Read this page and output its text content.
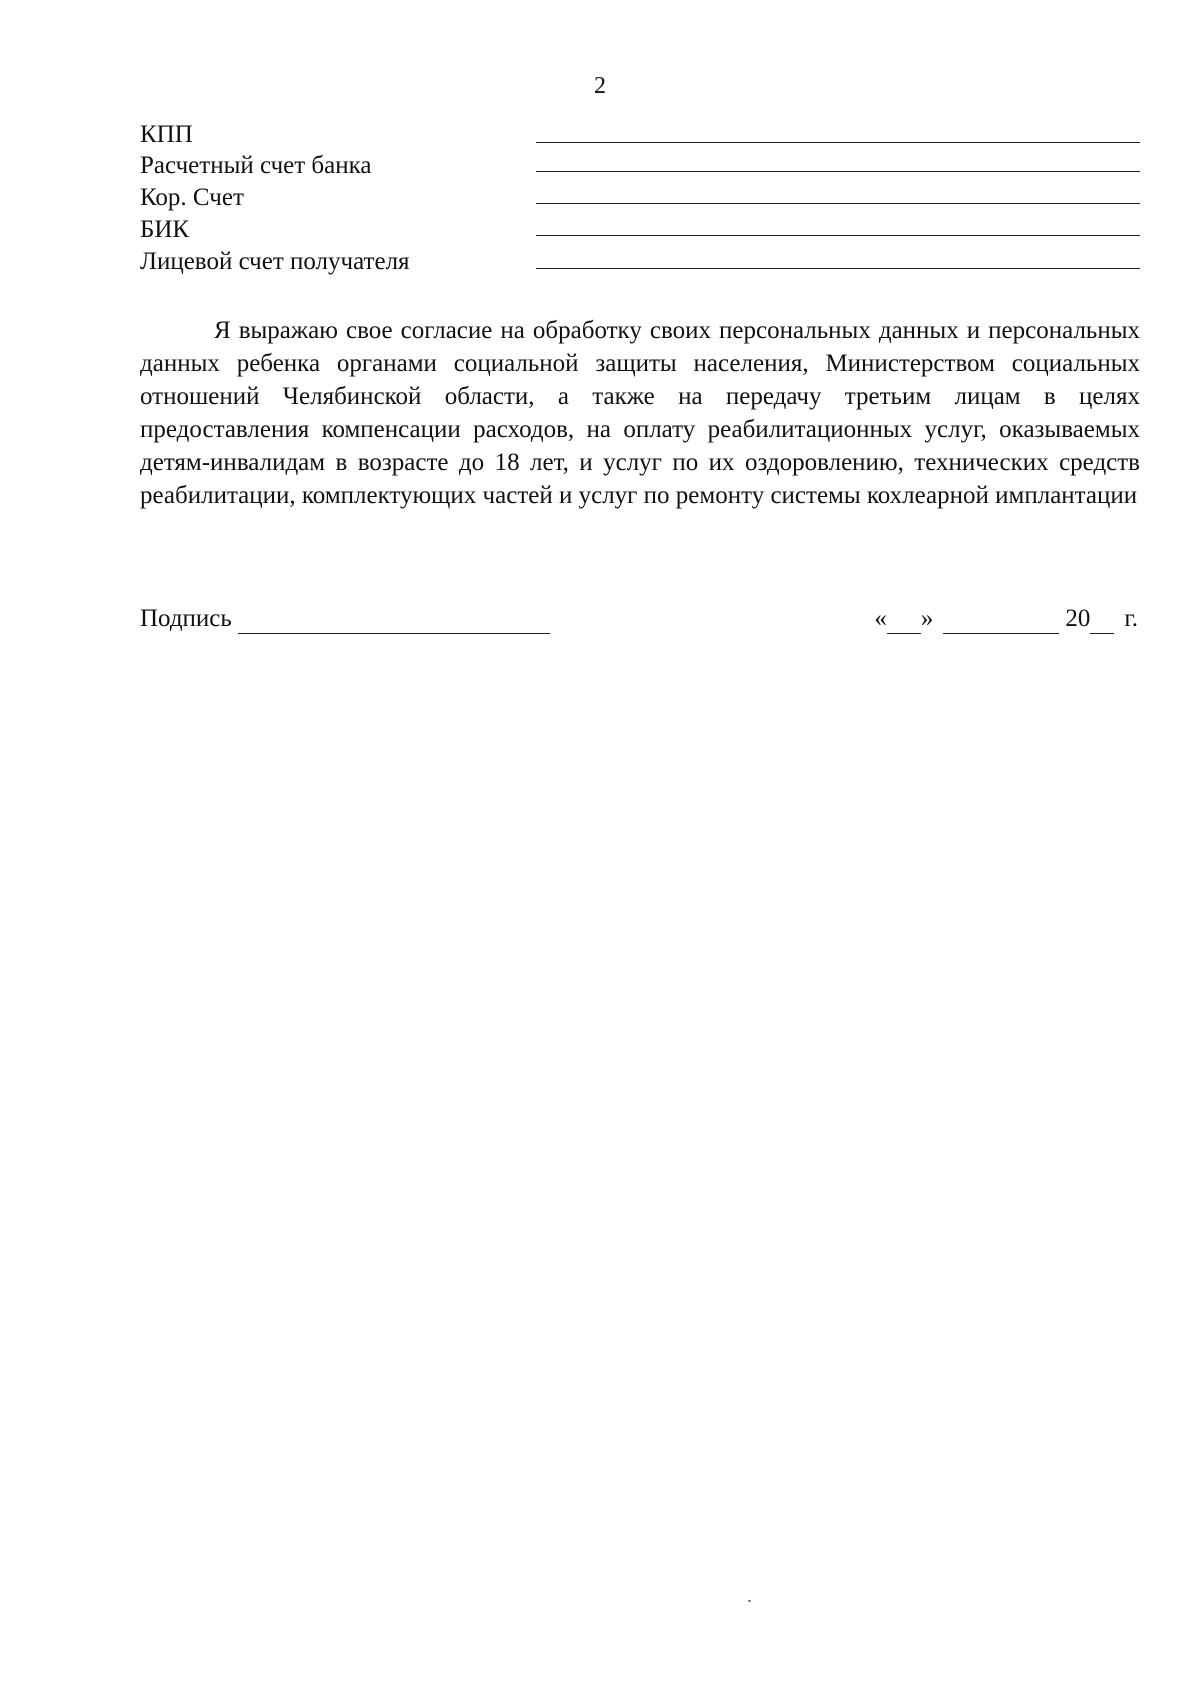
2
КПП
Расчетный счет банка
Кор. Счет
БИК
Лицевой счет получателя

Я выражаю свое согласие на обработку своих персональных данных и персональных данных ребенка органами социальной защиты населения, Министерством социальных отношений Челябинской области, а также на передачу третьим лицам в целях предоставления компенсации расходов, на оплату реабилитационных услуг, оказываемых детям-инвалидам в возрасте до 18 лет, и услуг по их оздоровлению, технических средств реабилитации, комплектующих частей и услуг по ремонту системы кохлеарной имплантации

Подпись	« »	20 г.
